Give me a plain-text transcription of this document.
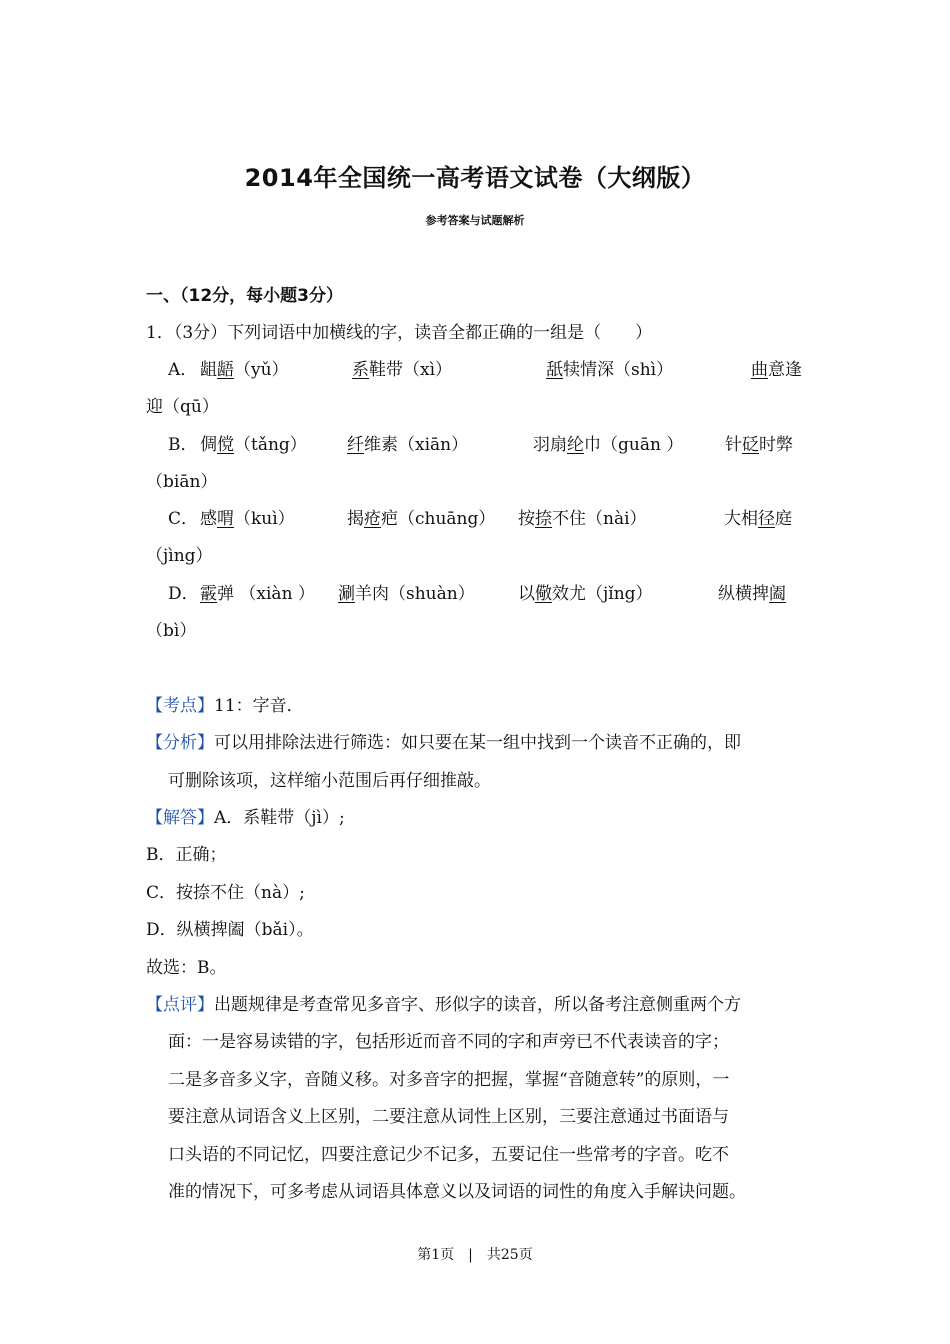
2014年全国统一高考语文试卷（大纲版）
参考答案与试题解析
一、（12分，每小题3分）
1．（3分）下列词语中加横线的字，读音全都正确的一组是（　　）
A． 龃龉（yǔ）	系鞋带（xì）	舐犊情深（shì）	曲意逢
迎（qū）
B． 倜傥（tǎng） 纤维素（xiān）	羽扇纶巾（guān ） 针砭时弊
（biān）
C． 感喟（kuì）	揭疮疤（chuāng） 按捺不住（nài）	大相径庭
（jìng）
D． 霰弹 （xiàn ） 涮羊肉（shuàn）	以儆效尤（jǐng）	纵横捭阖
（bì）
【考点】11：字音．
【分析】可以用排除法进行筛选：如只要在某一组中找到一个读音不正确的，即
可删除该项，这样缩小范围后再仔细推敲。
【解答】A．系鞋带（jì）;
B．正确；
C．按捺不住（nà）;
D．纵横捭阖（bǎi）。
故选：B。
【点评】出题规律是考查常见多音字、形似字的读音，所以备考注意侧重两个方
面：一是容易读错的字，包括形近而音不同的字和声旁已不代表读音的字；
二是多音多义字，音随义移。对多音字的把握，掌握“音随意转”的原则，一
要注意从词语含义上区别，二要注意从词性上区别，三要注意通过书面语与
口头语的不同记忆，四要注意记少不记多，五要记住一些常考的字音。吃不
准的情况下，可多考虑从词语具体意义以及词语的词性的角度入手解诀问题。
第1页　|　共25页
